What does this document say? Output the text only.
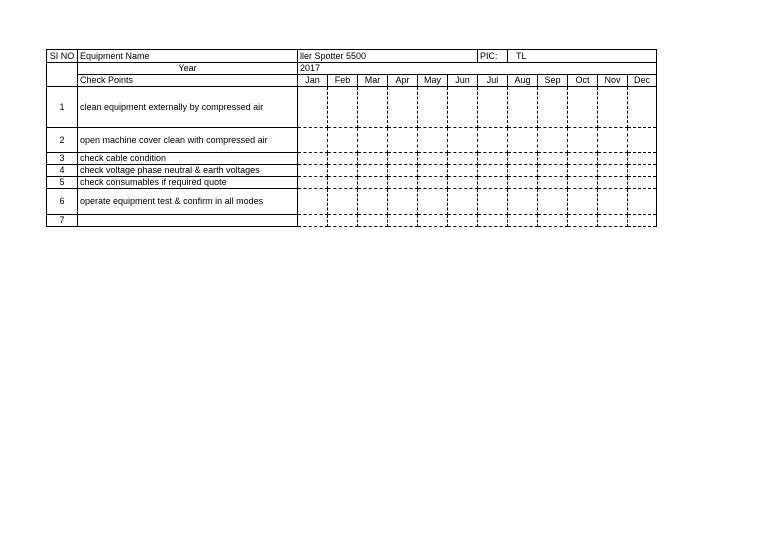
SI NO	Equipment Name	ller Spotter 5500						PIC:	TL				
	Year	2017											
	Check Points	Jan	Feb	Mar	Apr	May	Jun	Jul	Aug	Sep	Oct	Nov	Dec
1	clean equipment externally by compressed air												
2	open machine cover clean with compressed air												
3	check cable condition												
4	check voltage phase neutral & earth voltages												
5	check consumables if required quote												
6	operate equipment test & confirm in all modes												
7													
